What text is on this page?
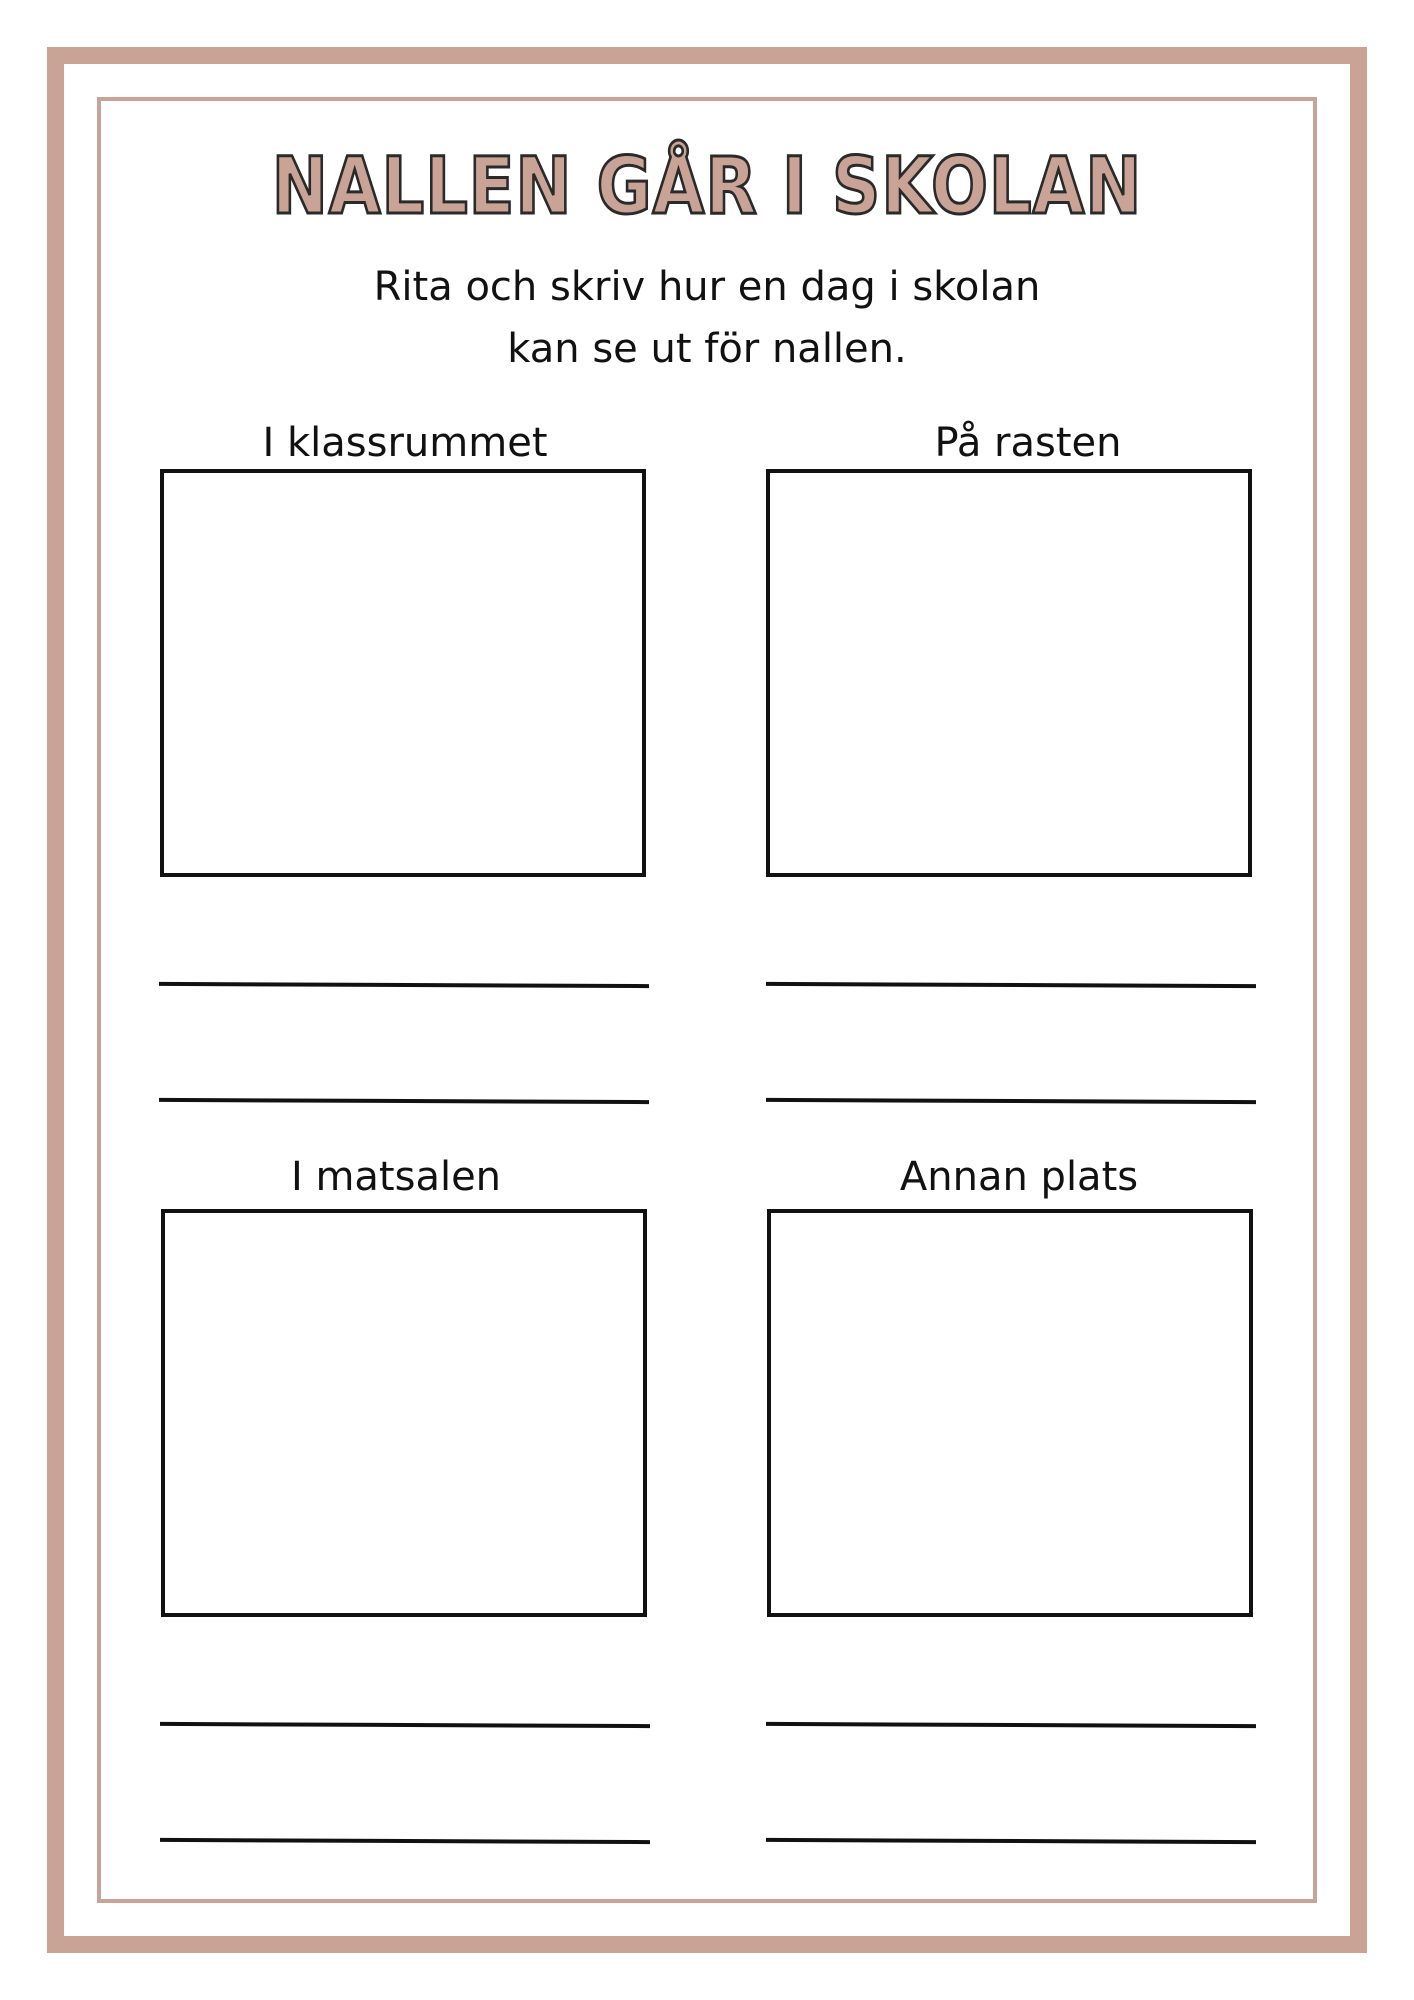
NALLEN GÅR I SKOLAN
Rita och skriv hur en dag i skolan
kan se ut för nallen.
I klassrummet	På rasten
I matsalen	Annan plats
